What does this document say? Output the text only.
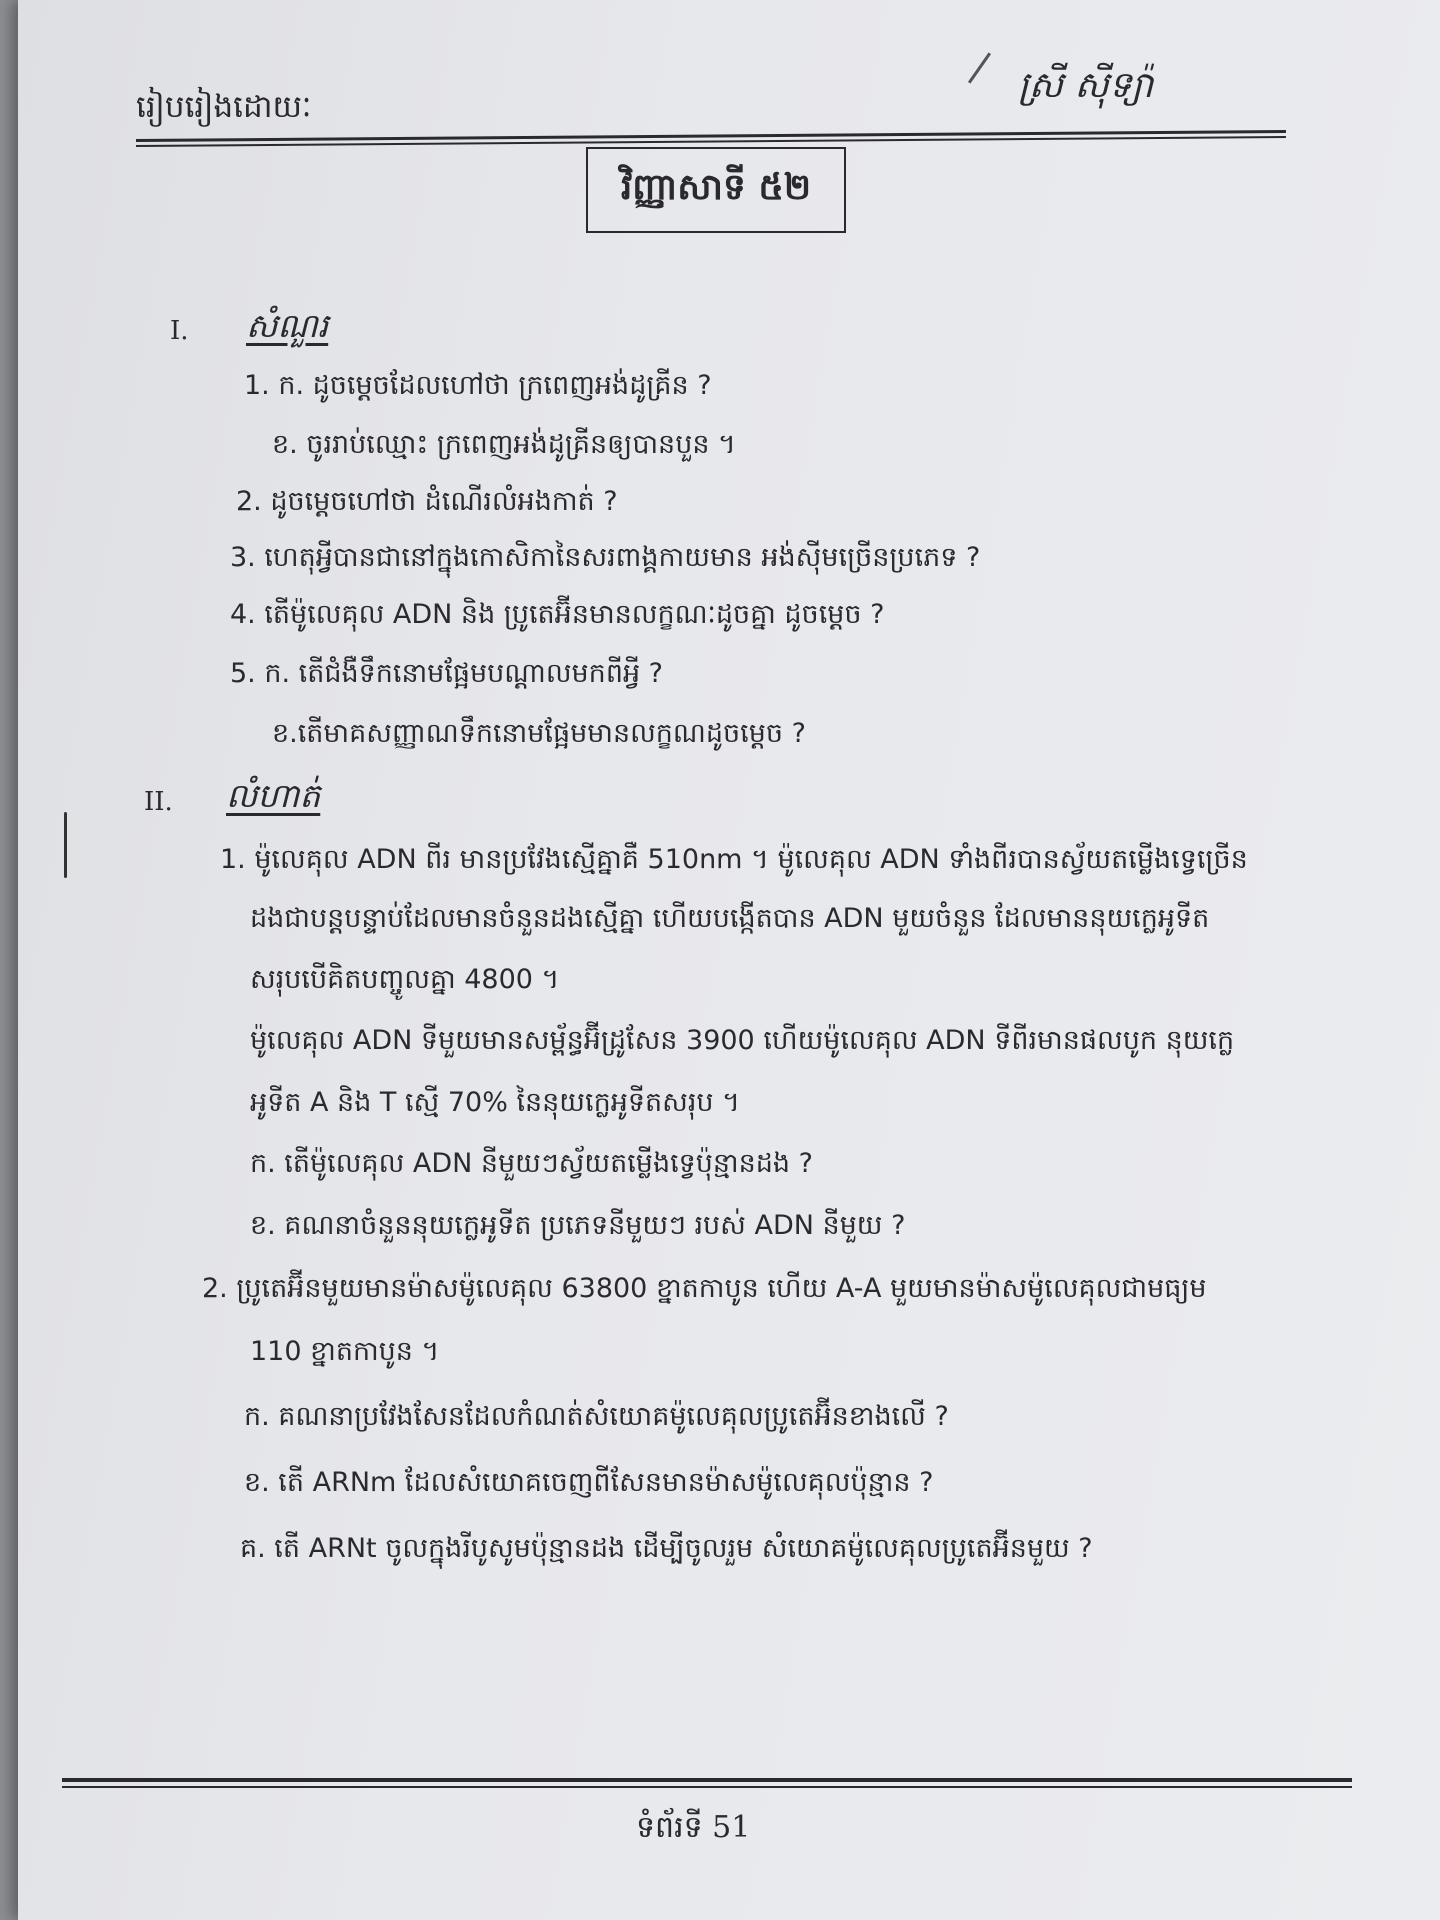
រៀបរៀងដោយៈ
ស្រី ស៊ីទ្យ៉ា
វិញ្ញាសាទី ៥២
I. សំណួរ
1. ក. ដូចម្តេចដែលហៅថា ក្រពេញអង់ដូគ្រីន ?
ខ. ចូររាប់ឈ្មោះ ក្រពេញអង់ដូគ្រីនឲ្យបានបួន ។
2. ដូចម្តេចហៅថា ដំណើរលំអងកាត់ ?
3. ហេតុអ្វីបានជានៅក្នុងកោសិកានៃសរពាង្គកាយមាន អង់ស៊ីមច្រើនប្រភេទ ?
4. តើម៉ូលេគុល ADN និង ប្រូតេអ៊ីនមានលក្ខណៈដូចគ្នា ដូចម្តេច ?
5. ក. តើជំងឺទឹកនោមផ្អែមបណ្តាលមកពីអ្វី ?
ខ.តើមាគសញ្ញាណទឹកនោមផ្អែមមានលក្ខណដូចម្តេច ?
II. លំហាត់
1. ម៉ូលេគុល ADN ពីរ មានប្រវែងស្មើគ្នាគឺ 510nm ។ ម៉ូលេគុល ADN ទាំងពីរបានស្វ័យតម្លើងទ្វេច្រើន
ដងជាបន្តបន្ទាប់ដែលមានចំនួនដងស្មើគ្នា ហើយបង្កើតបាន ADN មួយចំនួន ដែលមាននុយក្លេអូទីត
សរុបបើគិតបញ្ចូលគ្នា 4800 ។
ម៉ូលេគុល ADN ទីមួយមានសម្ព័ន្ធអ៊ីដ្រូសែន 3900 ហើយម៉ូលេគុល ADN ទីពីរមានផលបូក នុយក្លេ
អូទីត A និង T ស្មើ 70% នៃនុយក្លេអូទីតសរុប ។
ក. តើម៉ូលេគុល ADN នីមួយៗស្វ័យតម្លើងទ្វេប៉ុន្មានដង ?
ខ. គណនាចំនួននុយក្លេអូទីត ប្រភេទនីមួយៗ របស់ ADN នីមួយ ?
2. ប្រូតេអ៊ីនមួយមានម៉ាសម៉ូលេគុល 63800 ខ្នាតកាបូន ហើយ A-A មួយមានម៉ាសម៉ូលេគុលជាមធ្យម
110 ខ្នាតកាបូន ។
ក. គណនាប្រវែងសែនដែលកំណត់សំយោគម៉ូលេគុលប្រូតេអ៊ីនខាងលើ ?
ខ. តើ ARNm ដែលសំយោគចេញពីសែនមានម៉ាសម៉ូលេគុលប៉ុន្មាន ?
គ. តើ ARNt ចូលក្នុងរីបូសូមប៉ុន្មានដង ដើម្បីចូលរួម សំយោគម៉ូលេគុលប្រូតេអ៊ីនមួយ ?
ទំព័រទី 51
